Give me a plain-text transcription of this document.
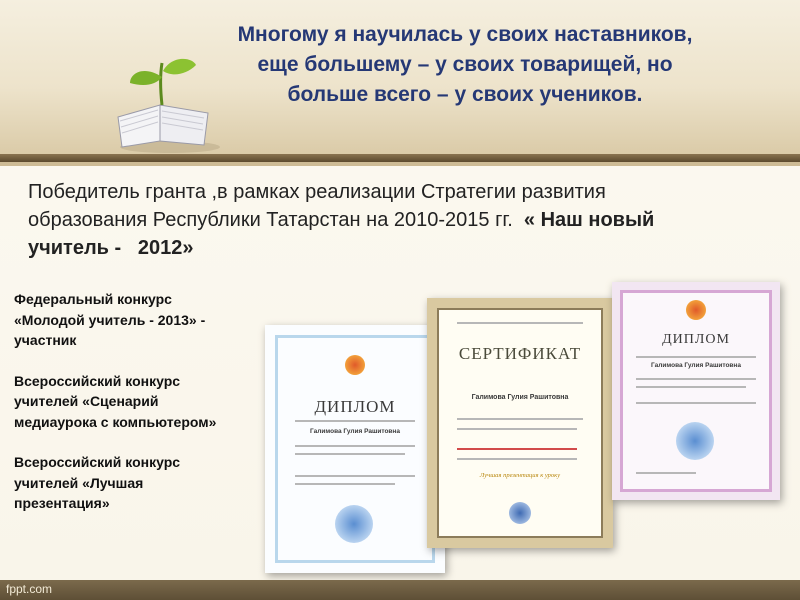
Многому я научилась у своих наставников,
еще большему – у своих товарищей, но
больше всего – у своих учеников.
Победитель гранта ,в рамках реализации Стратегии развития
образования Республики Татарстан на 2010-2015 гг.  « Наш новый
учитель -   2012»
Федеральный конкурс
«Молодой учитель - 2013» -
участник
Всероссийский конкурс
учителей «Сценарий
медиаурока с компьютером»
Всероссийский конкурс
учителей «Лучшая
презентация»
ДИПЛОМ
Галимова Гулия Рашитовна
СЕРТИФИКАТ
Галимова Гулия Рашитовна
Лучшая презентация к уроку
ДИПЛОМ
Галимова Гулия Рашитовна
fppt.com
